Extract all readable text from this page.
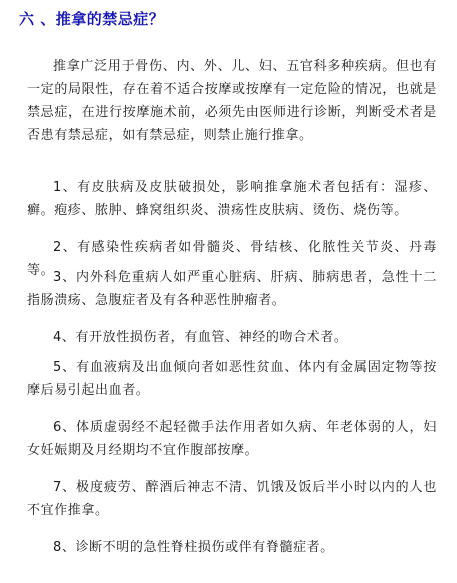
六 、推拿的禁忌症？

推拿广泛用于骨伤、内、外、儿、妇、五官科多种疾病。但也有一定的局限性，存在着不适合按摩或按摩有一定危险的情况，也就是禁忌症，在进行按摩施术前，必须先由医师进行诊断，判断受术者是否患有禁忌症，如有禁忌症，则禁止施行推拿。

1、有皮肤病及皮肤破损处，影响推拿施术者包括有：湿疹、癣。疱疹、脓肿、蜂窝组织炎、溃疡性皮肤病、烫伤、烧伤等。

2、有感染性疾病者如骨髓炎、骨结核、化脓性关节炎、丹毒等。

3、内外科危重病人如严重心脏病、肝病、肺病患者，急性十二指肠溃疡、急腹症者及有各种恶性肿瘤者。

4、有开放性损伤者，有血管、神经的吻合术者。

5、有血液病及出血倾向者如恶性贫血、体内有金属固定物等按摩后易引起出血者。

6、体质虚弱经不起轻微手法作用者如久病、年老体弱的人，妇女妊娠期及月经期均不宜作腹部按摩。

7、极度疲劳、醉酒后神志不清、饥饿及饭后半小时以内的人也不宜作推拿。

8、诊断不明的急性脊柱损伤或伴有脊髓症者。
